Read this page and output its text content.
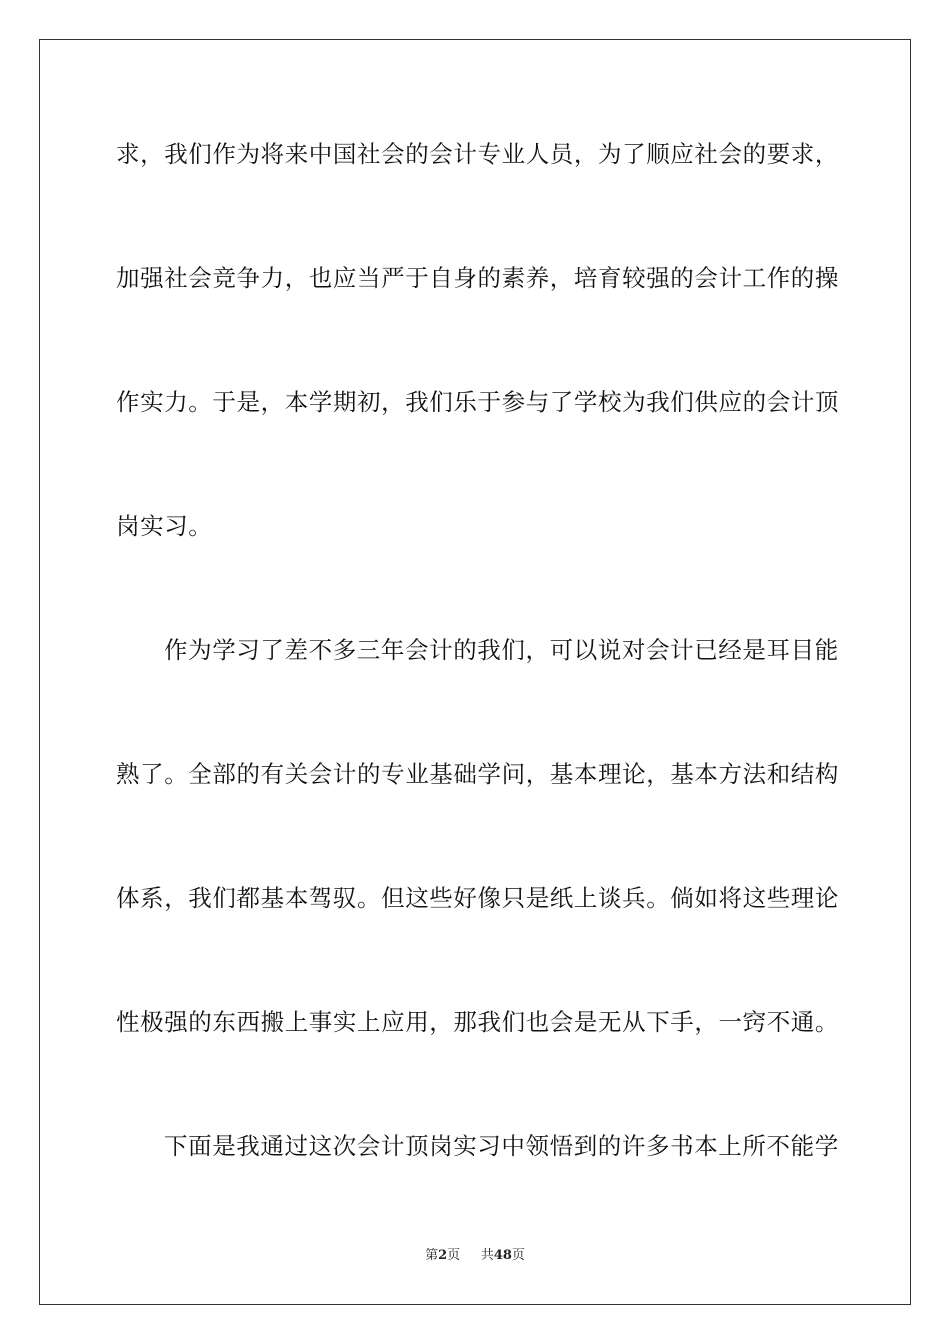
求，我们作为将来中国社会的会计专业人员，为了顺应社会的要求，
加强社会竞争力，也应当严于自身的素养，培育较强的会计工作的操
作实力。于是，本学期初，我们乐于参与了学校为我们供应的会计顶
岗实习。
作为学习了差不多三年会计的我们，可以说对会计已经是耳目能
熟了。全部的有关会计的专业基础学问，基本理论，基本方法和结构
体系，我们都基本驾驭。但这些好像只是纸上谈兵。倘如将这些理论
性极强的东西搬上事实上应用，那我们也会是无从下手，一窍不通。
下面是我通过这次会计顶岗实习中领悟到的许多书本上所不能学
第2页 共48页
